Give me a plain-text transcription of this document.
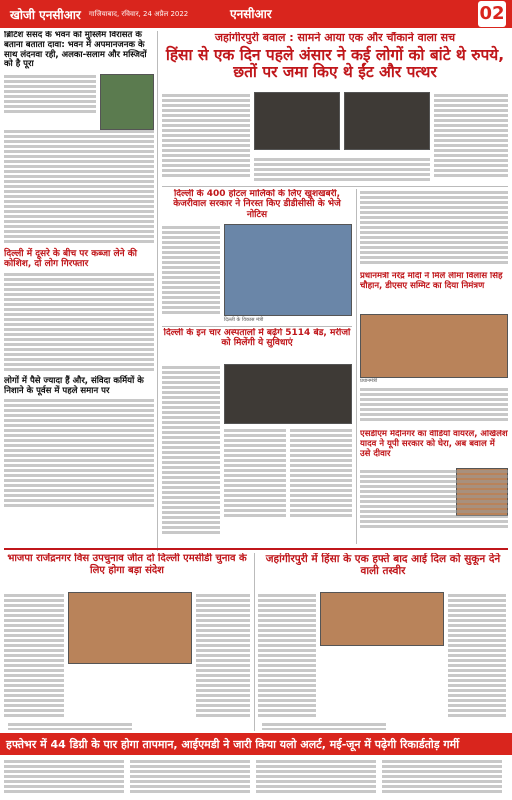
खोजी एनसीआर गाजियाबाद, रविवार, 24 अप्रैल 2022	एनसीआर	02
ब्रिटिश संसद के भवन को मुस्लिम विरासत के बताना बताता दावा: भवन में अपमानजनक के साथ लंदनवा रही, अलका-सलाम और मस्जिदों को है पूरा
दिल्ली में दूसरे के बीच पर कब्जा लेने की कोशिश, दो लोग गिरफ्तार
लोगों में पैसे ज्यादा हैं और, संविदा कर्मियों के निशाने के पूर्वस में पहले समान पर
जहांगीरपुरी बवाल : सामने आया एक और चौंकाने वाला सच
हिंसा से एक दिन पहले अंसार ने कई लोगों को बांटे थे रुपये, छतों पर जमा किए थे ईंट और पत्थर
दिल्ली के 400 होटल मालिकों के लिए खुशखबरी, केजरीवाल सरकार ने निरस्त किए डीडीसीसी के भेजे नोटिस
दिल्ली के विकास मंत्री
प्रधानमंत्री नरेंद्र मोदी ने मिले लीमा विलास सिंह चौहान, डीएसए सम्मिट का दिया निमंत्रण
प्रधानमंत्री
एसडीएम मेदीनगर का वीडियो वायरल, अखिलेश यादव ने यूपी सरकार को घेरा, अब बवाल में उसे दीवार
दिल्ली के इन चार अस्पतालों में बढ़ेंगे 5114 बेड, मरीजों को मिलेंगी ये सुविधाएं
भाजपा राजेंद्रनगर विस उपचुनाव जीत दो दिल्ली एमसीडी चुनाव के लिए होगा बड़ा संदेश
जहांगीरपुरी में हिंसा के एक हफ्ते बाद आई दिल को सुकून देने वाली तस्वीर
हफ्तेभर में 44 डिग्री के पार होगा तापमान, आईएमडी ने जारी किया यलो अलर्ट, मई-जून में पढ़ेगी रिकार्डतोड़ गर्मी
